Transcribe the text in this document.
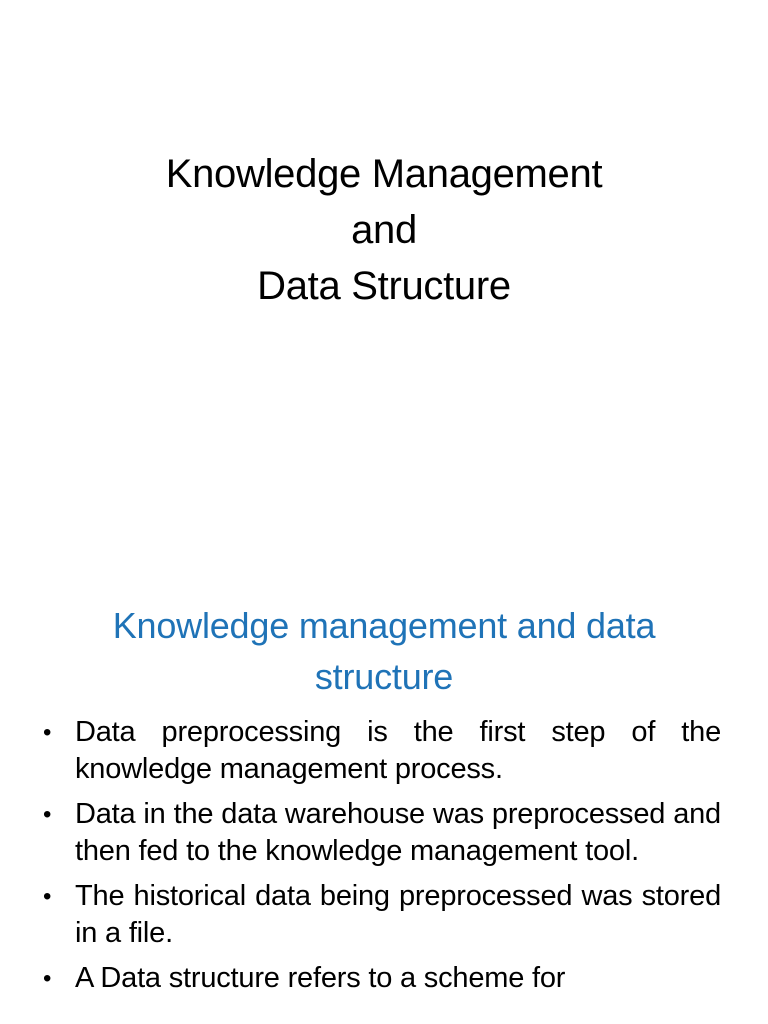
Knowledge Management
and
Data Structure
Knowledge management and data
structure
• Data preprocessing is the first step of the knowledge management process.
• Data in the data warehouse was preprocessed and then fed to the knowledge management tool.
• The historical data being preprocessed was stored in a file.
• A Data structure refers to a scheme for
